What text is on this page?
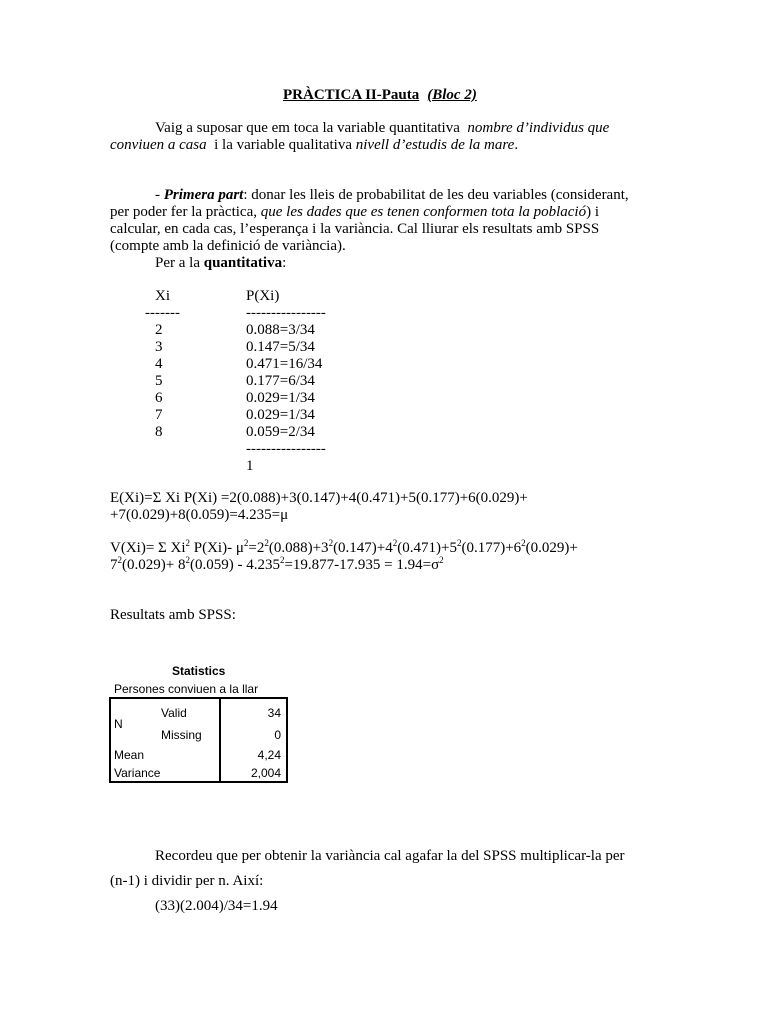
PRÀCTICA II-Pauta (Bloc 2)
Vaig a suposar que em toca la variable quantitativa nombre d’individus que
conviuen a casa i la variable qualitativa nivell d’estudis de la mare.
- Primera part: donar les lleis de probabilitat de les deu variables (considerant,
per poder fer la pràctica, que les dades que es tenen conformen tota la població) i
calcular, en cada cas, l’esperança i la variància. Cal lliurar els resultats amb SPSS
(compte amb la definició de variància).
Per a la quantitativa:
Xi	P(Xi)
-------	----------------
2	0.088=3/34
3	0.147=5/34
4	0.471=16/34
5	0.177=6/34
6	0.029=1/34
7	0.029=1/34
8	0.059=2/34
----------------
1
E(Xi)=Σ Xi P(Xi) =2(0.088)+3(0.147)+4(0.471)+5(0.177)+6(0.029)+
+7(0.029)+8(0.059)=4.235=μ
V(Xi)= Σ Xi$^2$ P(Xi)- $\mu^2=2^2(0.088)+3^2(0.147)+4^2(0.471)+5^2(0.177)+6^2(0.029)+$
$7^2(0.029)+ 8^2(0.059) - 4.235^2=19.877-17.935 = 1.94=\sigma^2$
Resultats amb SPSS:
Statistics
Persones conviuen a la llar
N
Valid	34
Missing	0
Mean	4,24
Variance	2,004
Recordeu que per obtenir la variància cal agafar la del SPSS multiplicar-la per
(n-1) i dividir per n. Així:
(33)(2.004)/34=1.94
